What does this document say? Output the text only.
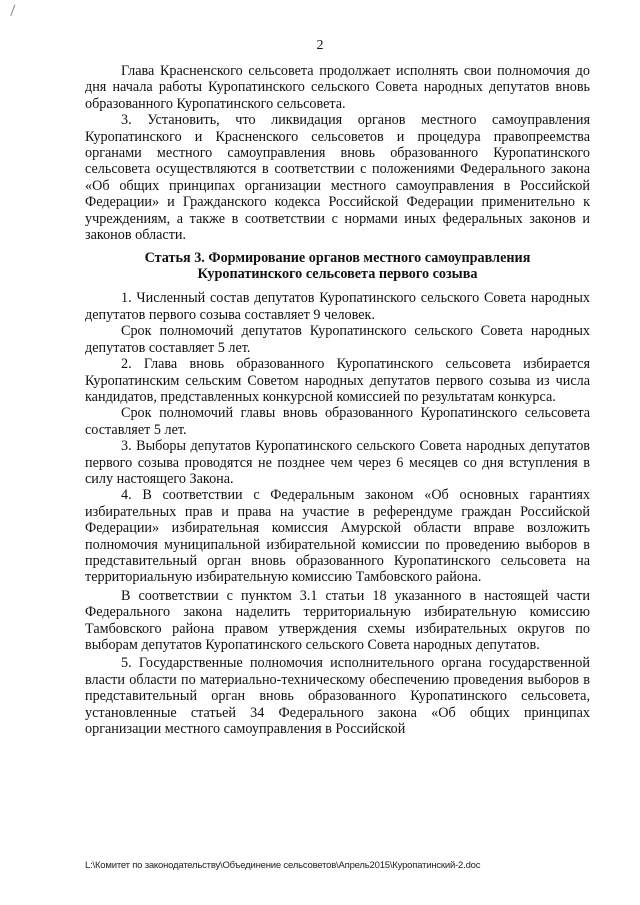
2

Глава Красненского сельсовета продолжает исполнять свои полномочия до дня начала работы Куропатинского сельского Совета народных депутатов вновь образованного Куропатинского сельсовета.

3. Установить, что ликвидация органов местного самоуправления Куропатинского и Красненского сельсоветов и процедура правопреемства органами местного самоуправления вновь образованного Куропатинского сельсовета осуществляются в соответствии с положениями Федерального закона «Об общих принципах организации местного самоуправления в Российской Федерации» и Гражданского кодекса Российской Федерации применительно к учреждениям, а также в соответствии с нормами иных федеральных законов и законов области.

Статья 3. Формирование органов местного самоуправления

Куропатинского сельсовета первого созыва

1. Численный состав депутатов Куропатинского сельского Совета народных депутатов первого созыва составляет 9 человек.

Срок полномочий депутатов Куропатинского сельского Совета народных депутатов составляет 5 лет.

2. Глава вновь образованного Куропатинского сельсовета избирается Куропатинским сельским Советом народных депутатов первого созыва из числа кандидатов, представленных конкурсной комиссией по результатам конкурса.

Срок полномочий главы вновь образованного Куропатинского сельсовета составляет 5 лет.

3. Выборы депутатов Куропатинского сельского Совета народных депутатов первого созыва проводятся не позднее чем через 6 месяцев со дня вступления в силу настоящего Закона.

4. В соответствии с Федеральным законом «Об основных гарантиях избирательных прав и права на участие в референдуме граждан Российской Федерации» избирательная комиссия Амурской области вправе возложить полномочия муниципальной избирательной комиссии по проведению выборов в представительный орган вновь образованного Куропатинского сельсовета на территориальную избирательную комиссию Тамбовского района.

В соответствии с пунктом 3.1 статьи 18 указанного в настоящей части Федерального закона наделить территориальную избирательную комиссию Тамбовского района правом утверждения схемы избирательных округов по выборам депутатов Куропатинского сельского Совета народных депутатов.

5. Государственные полномочия исполнительного органа государственной власти области по материально-техническому обеспечению проведения выборов в представительный орган вновь образованного Куропатинского сельсовета, установленные статьей 34 Федерального закона «Об общих принципах организации местного самоуправления в Российской

L:\Комитет по законодательству\Объединение сельсоветов\Апрель2015\Куропатинский-2.doc
